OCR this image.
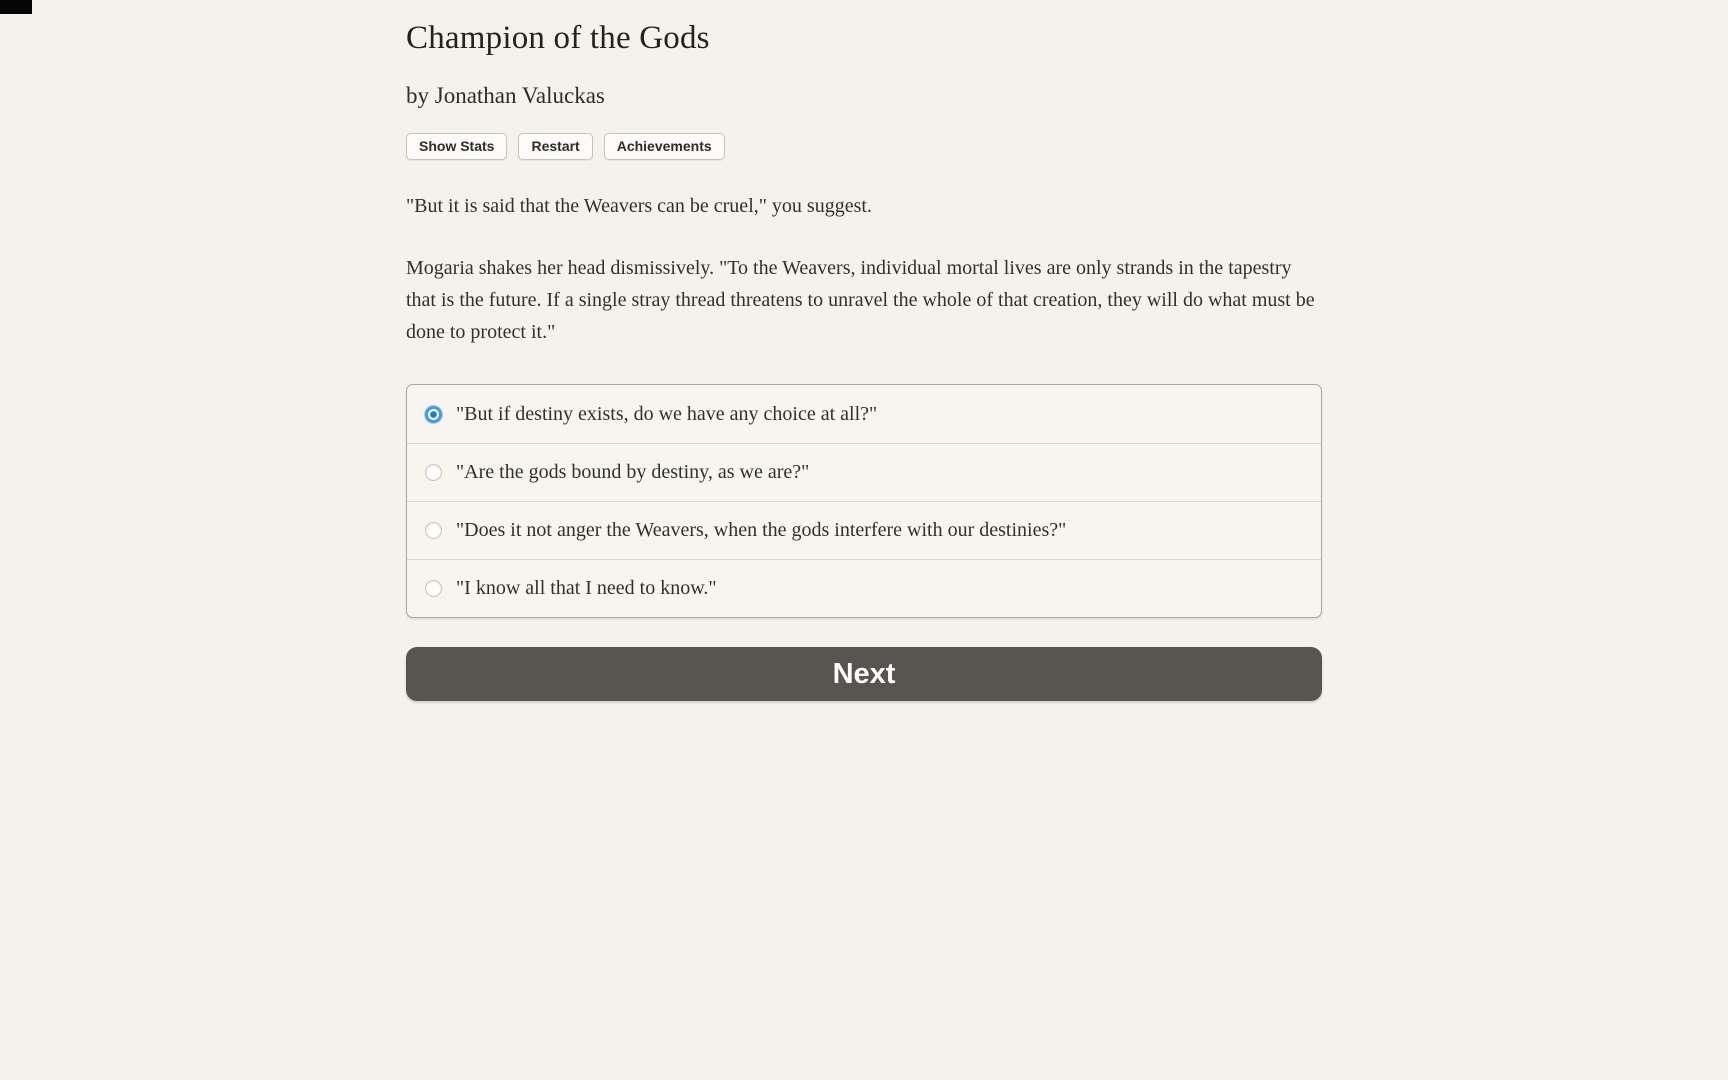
Champion of the Gods
by Jonathan Valuckas
Show Stats	Restart	Achievements

"But it is said that the Weavers can be cruel," you suggest.

Mogaria shakes her head dismissively. "To the Weavers, individual mortal lives are only strands in the tapestry that is the future. If a single stray thread threatens to unravel the whole of that creation, they will do what must be done to protect it."

"But if destiny exists, do we have any choice at all?"
"Are the gods bound by destiny, as we are?"
"Does it not anger the Weavers, when the gods interfere with our destinies?"
"I know all that I need to know."
Next
